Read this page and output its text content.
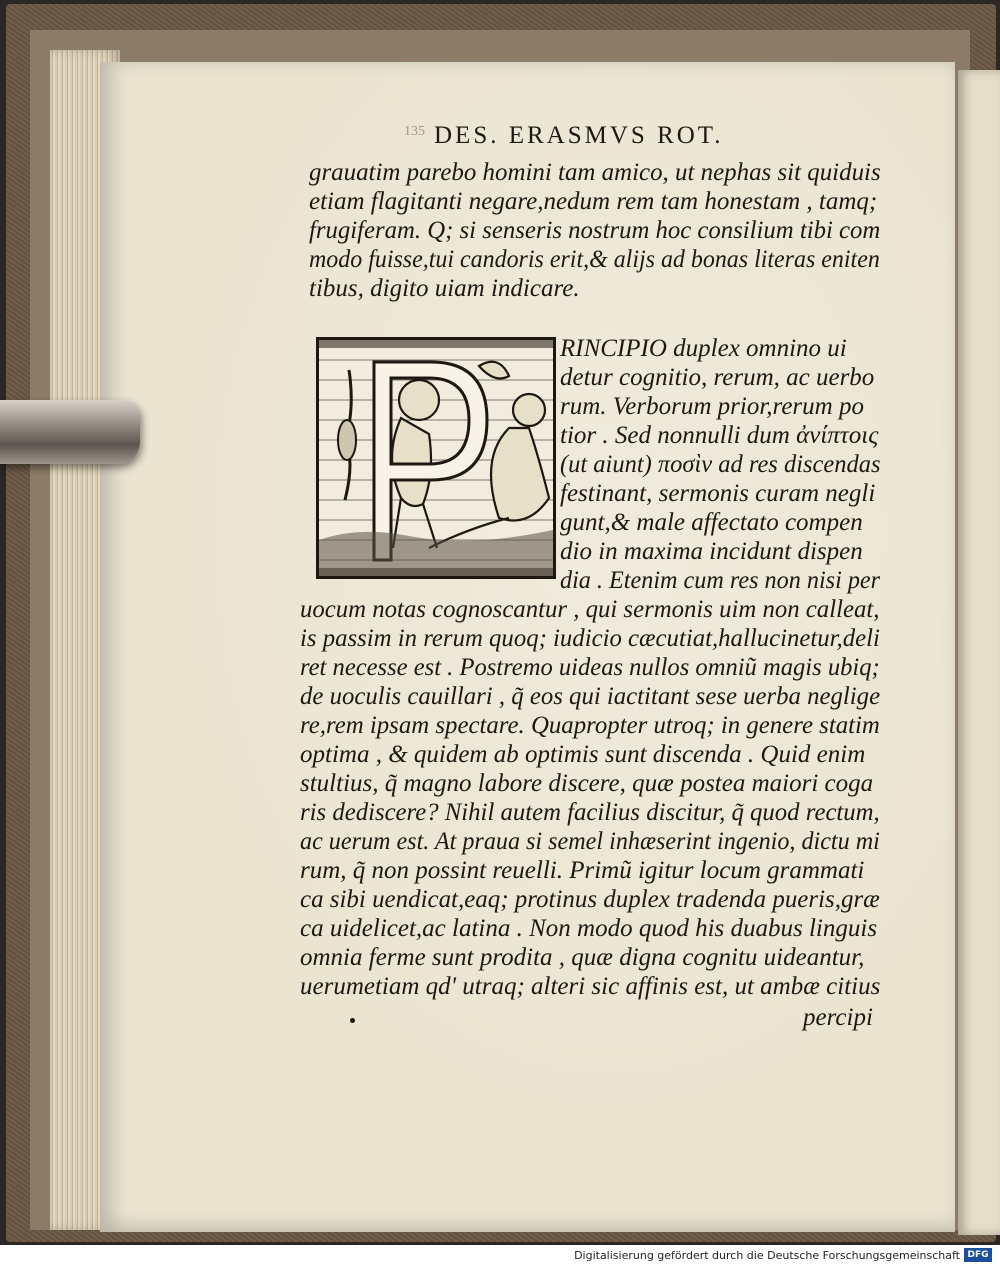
135 DES. ERASMVS ROT.
grauatim parebo homini tam amico, ut nephas sit quiduis
etiam flagitanti negare,nedum rem tam honestam , tamq;
frugiferam. Q; si senseris nostrum hoc consilium tibi com
modo fuisse,tui candoris erit,& alijs ad bonas literas eniten
tibus, digito uiam indicare.
RINCIPIO duplex omnino ui
detur cognitio, rerum, ac uerbo
rum. Verborum prior,rerum po
tior . Sed nonnulli dum ἀνίπτοις
(ut aiunt) ποσὶν ad res discendas
festinant, sermonis curam negli
gunt,& male affectato compen
dio in maxima incidunt dispen
dia . Etenim cum res non nisi per
uocum notas cognoscantur , qui sermonis uim non calleat,
is passim in rerum quoq; iudicio cæcutiat,hallucinetur,deli
ret necesse est . Postremo uideas nullos omniũ magis ubiq;
de uoculis cauillari , q̃ eos qui iactitant sese uerba neglige
re,rem ipsam spectare. Quapropter utroq; in genere statim
optima , & quidem ab optimis sunt discenda . Quid enim
stultius, q̃ magno labore discere, quæ postea maiori coga
ris dediscere? Nihil autem facilius discitur, q̃ quod rectum,
ac uerum est. At praua si semel inhæserint ingenio, dictu mi
rum, q̃ non possint reuelli. Primũ igitur locum grammati
ca sibi uendicat,eaq; protinus duplex tradenda pueris,græ
ca uidelicet,ac latina . Non modo quod his duabus linguis
omnia ferme sunt prodita , quæ digna cognitu uideantur,
uerumetiam qd' utraq; alteri sic affinis est, ut ambæ citius
percipi
Digitalisierung gefördert durch die Deutsche Forschungsgemeinschaft DFG
